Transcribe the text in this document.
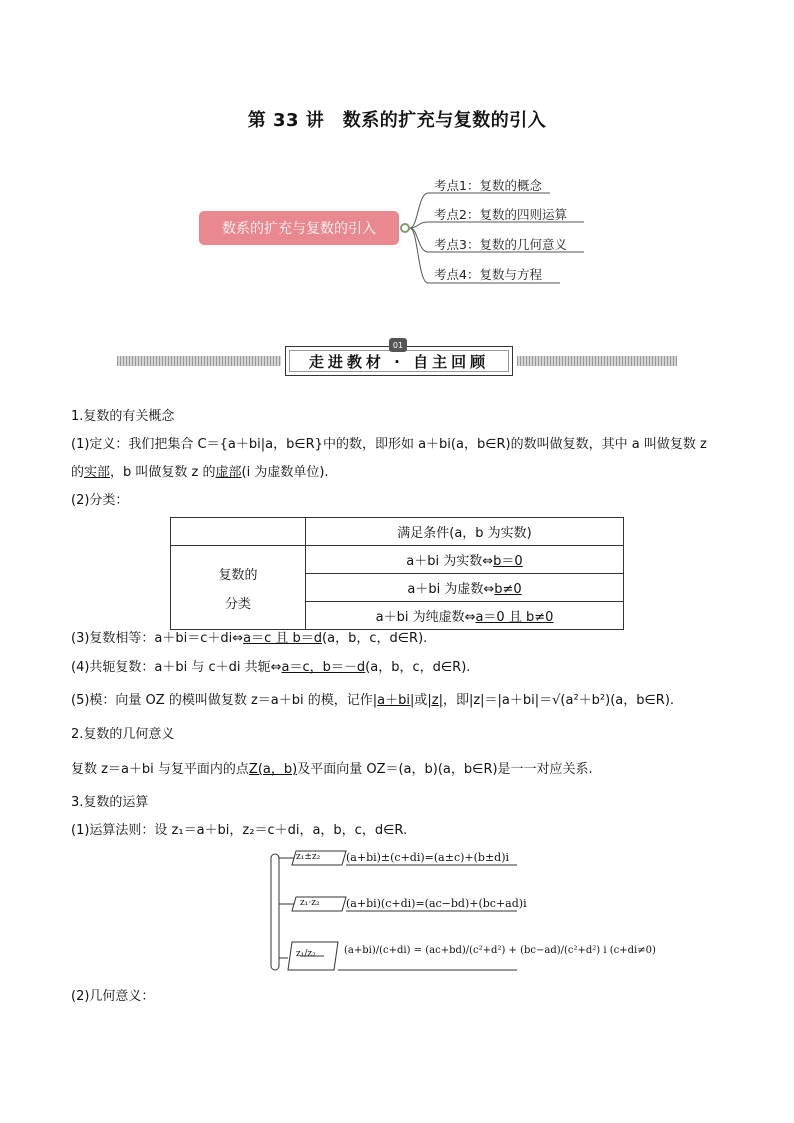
第 33 讲　数系的扩充与复数的引入
数系的扩充与复数的引入
考点1：复数的概念
考点2：复数的四则运算
考点3：复数的几何意义
考点4：复数与方程
走进教材 · 自主回顾
01
1.复数的有关概念
(1)定义：我们把集合 C＝{a＋bi|a，b∈R}中的数，即形如 a＋bi(a，b∈R)的数叫做复数，其中 a 叫做复数 z
的实部，b 叫做复数 z 的虚部(i 为虚数单位).
(2)分类：
	满足条件(a，b 为实数)

复数的
分类	a＋bi 为实数⇔b＝0
	a＋bi 为虚数⇔b≠0
	a＋bi 为纯虚数⇔a＝0 且 b≠0
(3)复数相等：a＋bi＝c＋di⇔a＝c 且 b＝d(a，b，c，d∈R).
(4)共轭复数：a＋bi 与 c＋di 共轭⇔a＝c，b＝－d(a，b，c，d∈R).
(5)模：向量 OZ 的模叫做复数 z＝a＋bi 的模，记作|a＋bi|或|z|，即|z|＝|a＋bi|＝√(a²＋b²)(a，b∈R).
2.复数的几何意义
复数 z＝a＋bi 与复平面内的点Z(a，b)及平面向量 OZ＝(a，b)(a，b∈R)是一一对应关系.
3.复数的运算
(1)运算法则：设 z₁＝a＋bi，z₂＝c＋di，a，b，c，d∈R.
z₁±z₂ (a+bi)±(c+di)=(a±c)+(b±d)i
z₁·z₂ (a+bi)(c+di)=(ac−bd)+(bc+ad)i
z₁/z₂	(a+bi)/(c+di) = (ac+bd)/(c²+d²) + (bc−ad)/(c²+d²) i (c+di≠0)
(2)几何意义：
